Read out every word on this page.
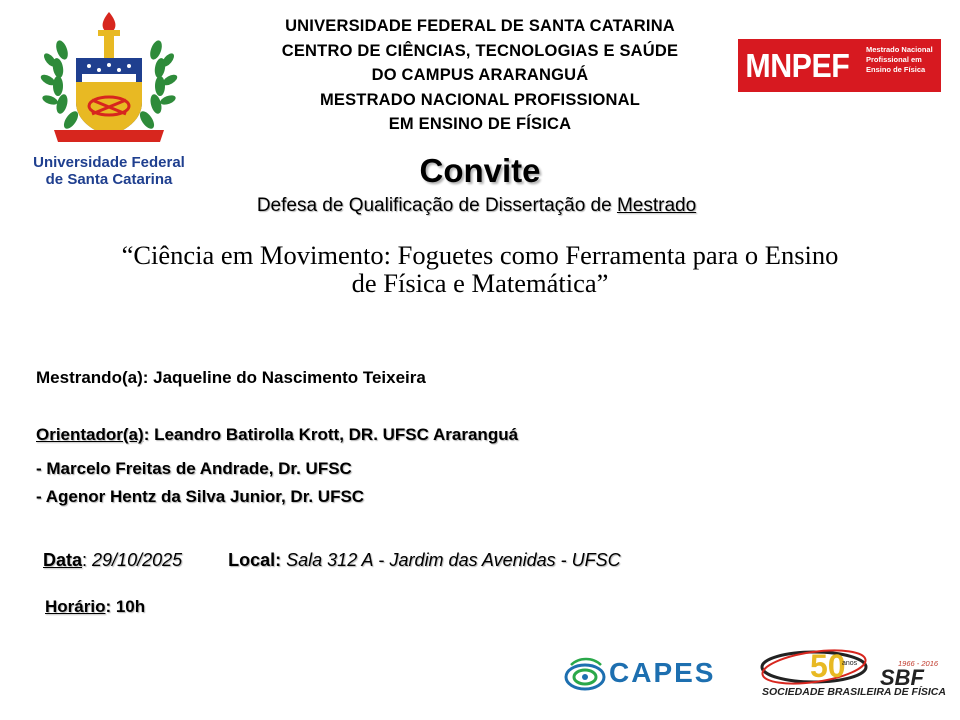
Universidade Federal
de Santa Catarina
UNIVERSIDADE FEDERAL DE SANTA CATARINA
CENTRO DE CIÊNCIAS, TECNOLOGIAS E SAÚDE
DO CAMPUS ARARANGUÁ
MESTRADO NACIONAL PROFISSIONAL
EM ENSINO DE FÍSICA
MNPEF Mestrado Nacional
Profissional em
Ensino de Física
Convite
Defesa de Qualificação de Dissertação de Mestrado
“Ciência em Movimento: Foguetes como Ferramenta para o Ensino
de Física e Matemática”
Mestrando(a): Jaqueline do Nascimento Teixeira
Orientador(a): Leandro Batirolla Krott, DR. UFSC Araranguá
- Marcelo Freitas de Andrade, Dr. UFSC
- Agenor Hentz da Silva Junior, Dr. UFSC
Data: 29/10/2025	Local: Sala 312 A - Jardim das Avenidas - UFSC
Horário: 10h
CAPES	50
anos	1966 - 2016
SBF
SOCIEDADE BRASILEIRA DE FÍSICA
